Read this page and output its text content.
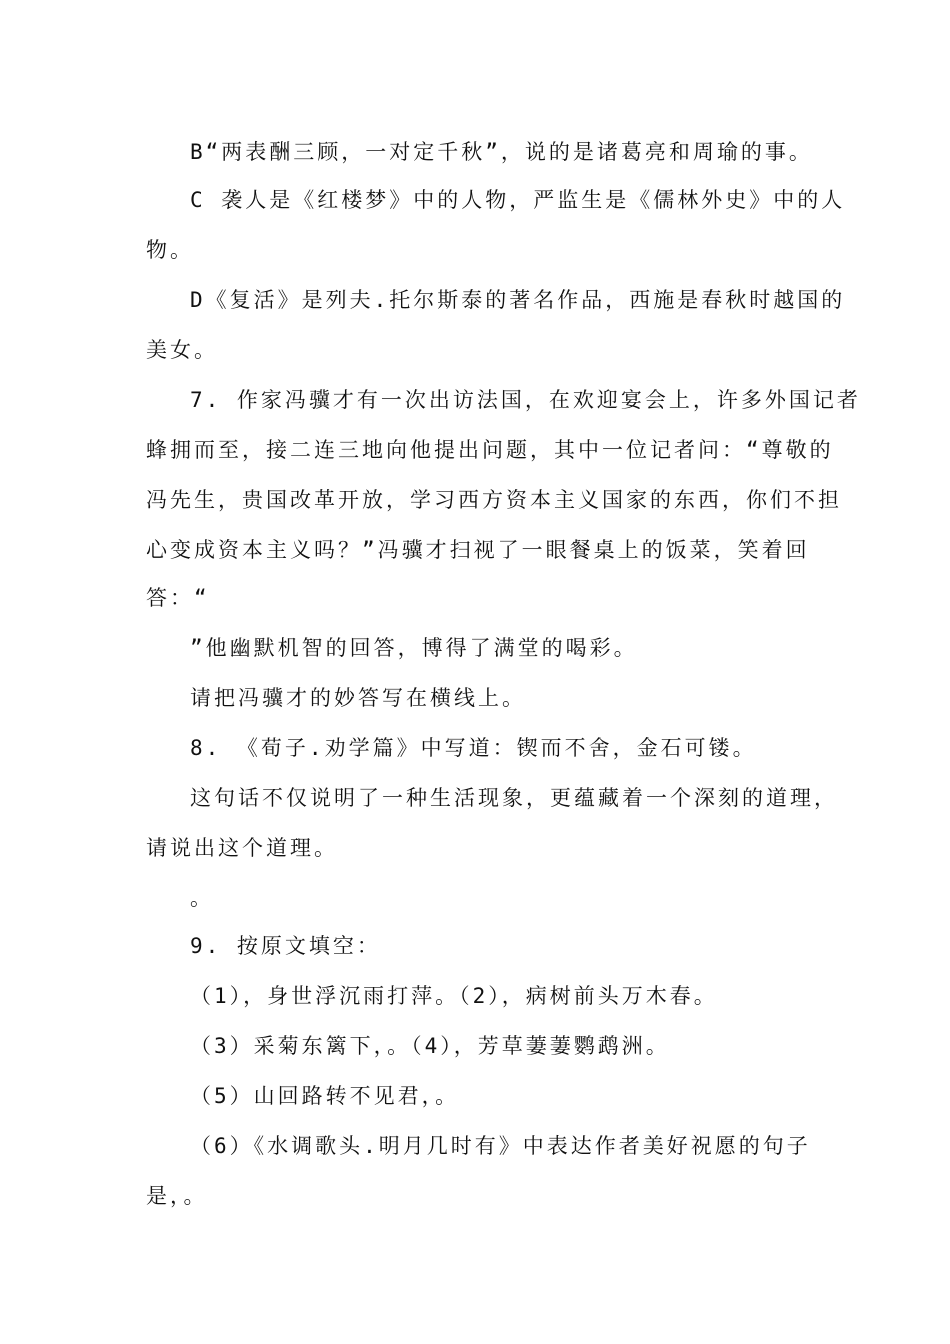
B“两表酬三顾，一对定千秋”，说的是诸葛亮和周瑜的事。
C 袭人是《红楼梦》中的人物，严监生是《儒林外史》中的人
物。
D《复活》是列夫.托尔斯泰的著名作品，西施是春秋时越国的
美女。
7. 作家冯骥才有一次出访法国，在欢迎宴会上，许多外国记者
蜂拥而至，接二连三地向他提出问题，其中一位记者问：“尊敬的
冯先生，贵国改革开放，学习西方资本主义国家的东西，你们不担
心变成资本主义吗？”冯骥才扫视了一眼餐桌上的饭菜，笑着回
答：“
”他幽默机智的回答，博得了满堂的喝彩。
请把冯骥才的妙答写在横线上。
8. 《荀子.劝学篇》中写道：锲而不舍，金石可镂。
这句话不仅说明了一种生活现象，更蕴藏着一个深刻的道理，
请说出这个道理。
。
9. 按原文填空：
（1），身世浮沉雨打萍。（2），病树前头万木春。
（3）采菊东篱下，。（4），芳草萋萋鹦鹉洲。
（5）山回路转不见君，。
（6）《水调歌头.明月几时有》中表达作者美好祝愿的句子
是，。
